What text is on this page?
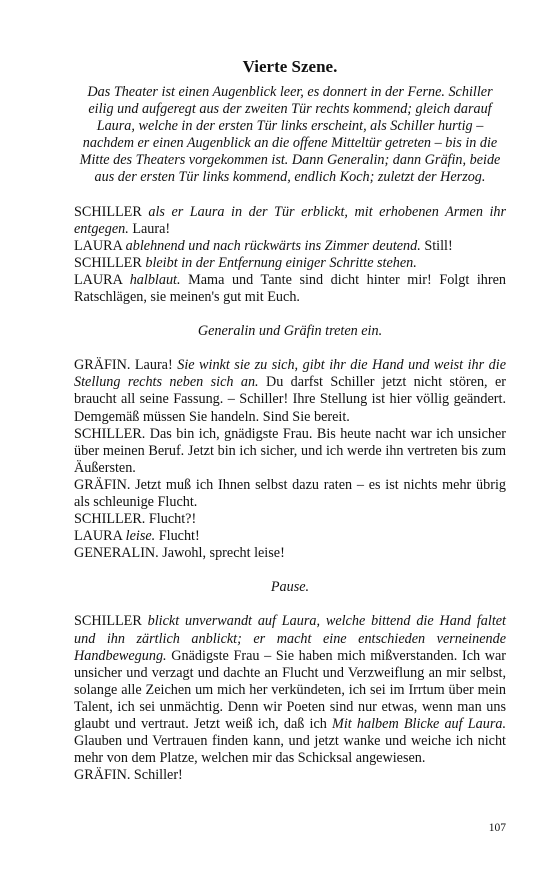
Vierte Szene.

Das Theater ist einen Augenblick leer, es donnert in der Ferne. Schiller eilig und aufgeregt aus der zweiten Tür rechts kommend; gleich darauf Laura, welche in der ersten Tür links erscheint, als Schiller hurtig – nachdem er einen Augenblick an die offene Mitteltür getreten – bis in die Mitte des Theaters vorgekommen ist. Dann Generalin; dann Gräfin, beide aus der ersten Tür links kommend, endlich Koch; zuletzt der Herzog.

SCHILLER als er Laura in der Tür erblickt, mit erhobenen Armen ihr entgegen. Laura!

LAURA ablehnend und nach rückwärts ins Zimmer deutend. Still!

SCHILLER bleibt in der Entfernung einiger Schritte stehen.

LAURA halblaut. Mama und Tante sind dicht hinter mir! Folgt ihren Ratschlägen, sie meinen's gut mit Euch.

Generalin und Gräfin treten ein.

GRÄFIN. Laura! Sie winkt sie zu sich, gibt ihr die Hand und weist ihr die Stellung rechts neben sich an. Du darfst Schiller jetzt nicht stören, er braucht all seine Fassung. – Schiller! Ihre Stellung ist hier völlig geändert. Demgemäß müssen Sie handeln. Sind Sie bereit.

SCHILLER. Das bin ich, gnädigste Frau. Bis heute nacht war ich unsicher über meinen Beruf. Jetzt bin ich sicher, und ich werde ihn vertreten bis zum Äußersten.

GRÄFIN. Jetzt muß ich Ihnen selbst dazu raten – es ist nichts mehr übrig als schleunige Flucht.

SCHILLER. Flucht?!

LAURA leise. Flucht!

GENERALIN. Jawohl, sprecht leise!

Pause.

SCHILLER blickt unverwandt auf Laura, welche bittend die Hand faltet und ihn zärtlich anblickt; er macht eine entschieden verneinende Handbewegung. Gnädigste Frau – Sie haben mich mißverstanden. Ich war unsicher und verzagt und dachte an Flucht und Verzweiflung an mir selbst, solange alle Zeichen um mich her verkündeten, ich sei im Irrtum über mein Talent, ich sei unmächtig. Denn wir Poeten sind nur etwas, wenn man uns glaubt und vertraut. Jetzt weiß ich, daß ich Mit halbem Blicke auf Laura. Glauben und Vertrauen finden kann, und jetzt wanke und weiche ich nicht mehr von dem Platze, welchen mir das Schicksal angewiesen.

GRÄFIN. Schiller!

107
